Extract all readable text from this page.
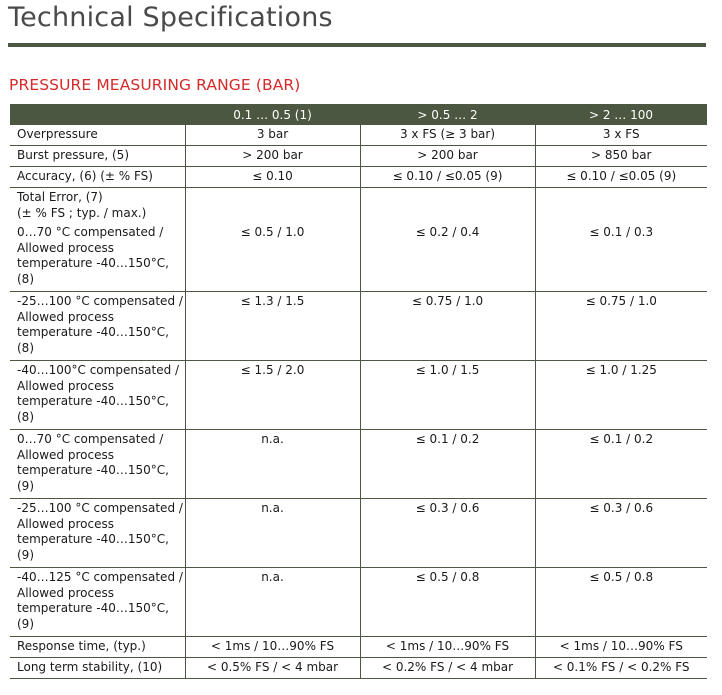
Technical Specifications
PRESSURE MEASURING RANGE (BAR)
	0.1 … 0.5 (1)	> 0.5 … 2	> 2 … 100
Overpressure	3 bar	3 x FS (≥ 3 bar)	3 x FS
Burst pressure, (5)	> 200 bar	> 200 bar	> 850 bar
Accuracy, (6) (± % FS)	≤ 0.10	≤ 0.10 / ≤0.05 (9)	≤ 0.10 / ≤0.05 (9)
Total Error, (7)
(± % FS ; typ. / max.)			
0…70 °C compensated /
Allowed process
temperature -40…150°C,
(8)	≤ 0.5 / 1.0	≤ 0.2 / 0.4	≤ 0.1 / 0.3
-25…100 °C compensated /
Allowed process
temperature -40…150°C,
(8)	≤ 1.3 / 1.5	≤ 0.75 / 1.0	≤ 0.75 / 1.0
-40…100°C compensated /
Allowed process
temperature -40…150°C,
(8)	≤ 1.5 / 2.0	≤ 1.0 / 1.5	≤ 1.0 / 1.25
0…70 °C compensated /
Allowed process
temperature -40…150°C,
(9)	n.a.	≤ 0.1 / 0.2	≤ 0.1 / 0.2
-25…100 °C compensated /
Allowed process
temperature -40…150°C,
(9)	n.a.	≤ 0.3 / 0.6	≤ 0.3 / 0.6
-40…125 °C compensated /
Allowed process
temperature -40…150°C,
(9)	n.a.	≤ 0.5 / 0.8	≤ 0.5 / 0.8
Response time, (typ.)	< 1ms / 10…90% FS	< 1ms / 10…90% FS	< 1ms / 10…90% FS
Long term stability, (10)	< 0.5% FS / < 4 mbar	< 0.2% FS / < 4 mbar	< 0.1% FS / < 0.2% FS
